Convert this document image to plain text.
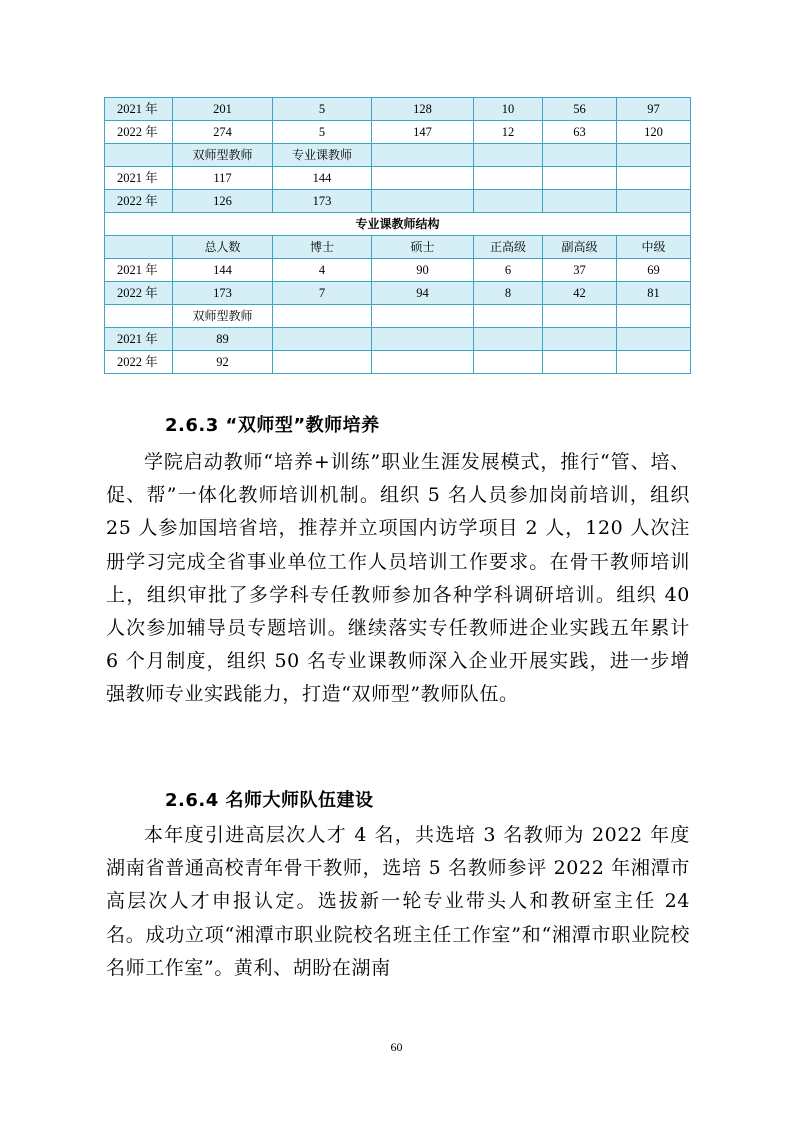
2021 年	201	5	128	10	56	97
2022 年	274	5	147	12	63	120
	双师型教师	专业课教师				
2021 年	117	144				
2022 年	126	173				
专业课教师结构						
	总人数	博士	硕士	正高级	副高级	中级
2021 年	144	4	90	6	37	69
2022 年	173	7	94	8	42	81
	双师型教师					
2021 年	89					
2022 年	92					
2.6.3 “双师型”教师培养

学院启动教师“培养+训练”职业生涯发展模式，推行“管、培、促、帮”一体化教师培训机制。组织 5 名人员参加岗前培训，组织 25 人参加国培省培，推荐并立项国内访学项目 2 人，120 人次注册学习完成全省事业单位工作人员培训工作要求。在骨干教师培训上，组织审批了多学科专任教师参加各种学科调研培训。组织 40 人次参加辅导员专题培训。继续落实专任教师进企业实践五年累计 6 个月制度，组织 50 名专业课教师深入企业开展实践，进一步增强教师专业实践能力，打造“双师型”教师队伍。

2.6.4 名师大师队伍建设

本年度引进高层次人才 4 名，共选培 3 名教师为 2022 年度湖南省普通高校青年骨干教师，选培 5 名教师参评 2022 年湘潭市高层次人才申报认定。选拔新一轮专业带头人和教研室主任 24 名。成功立项“湘潭市职业院校名班主任工作室”和“湘潭市职业院校名师工作室”。黄利、胡盼在湖南

60
